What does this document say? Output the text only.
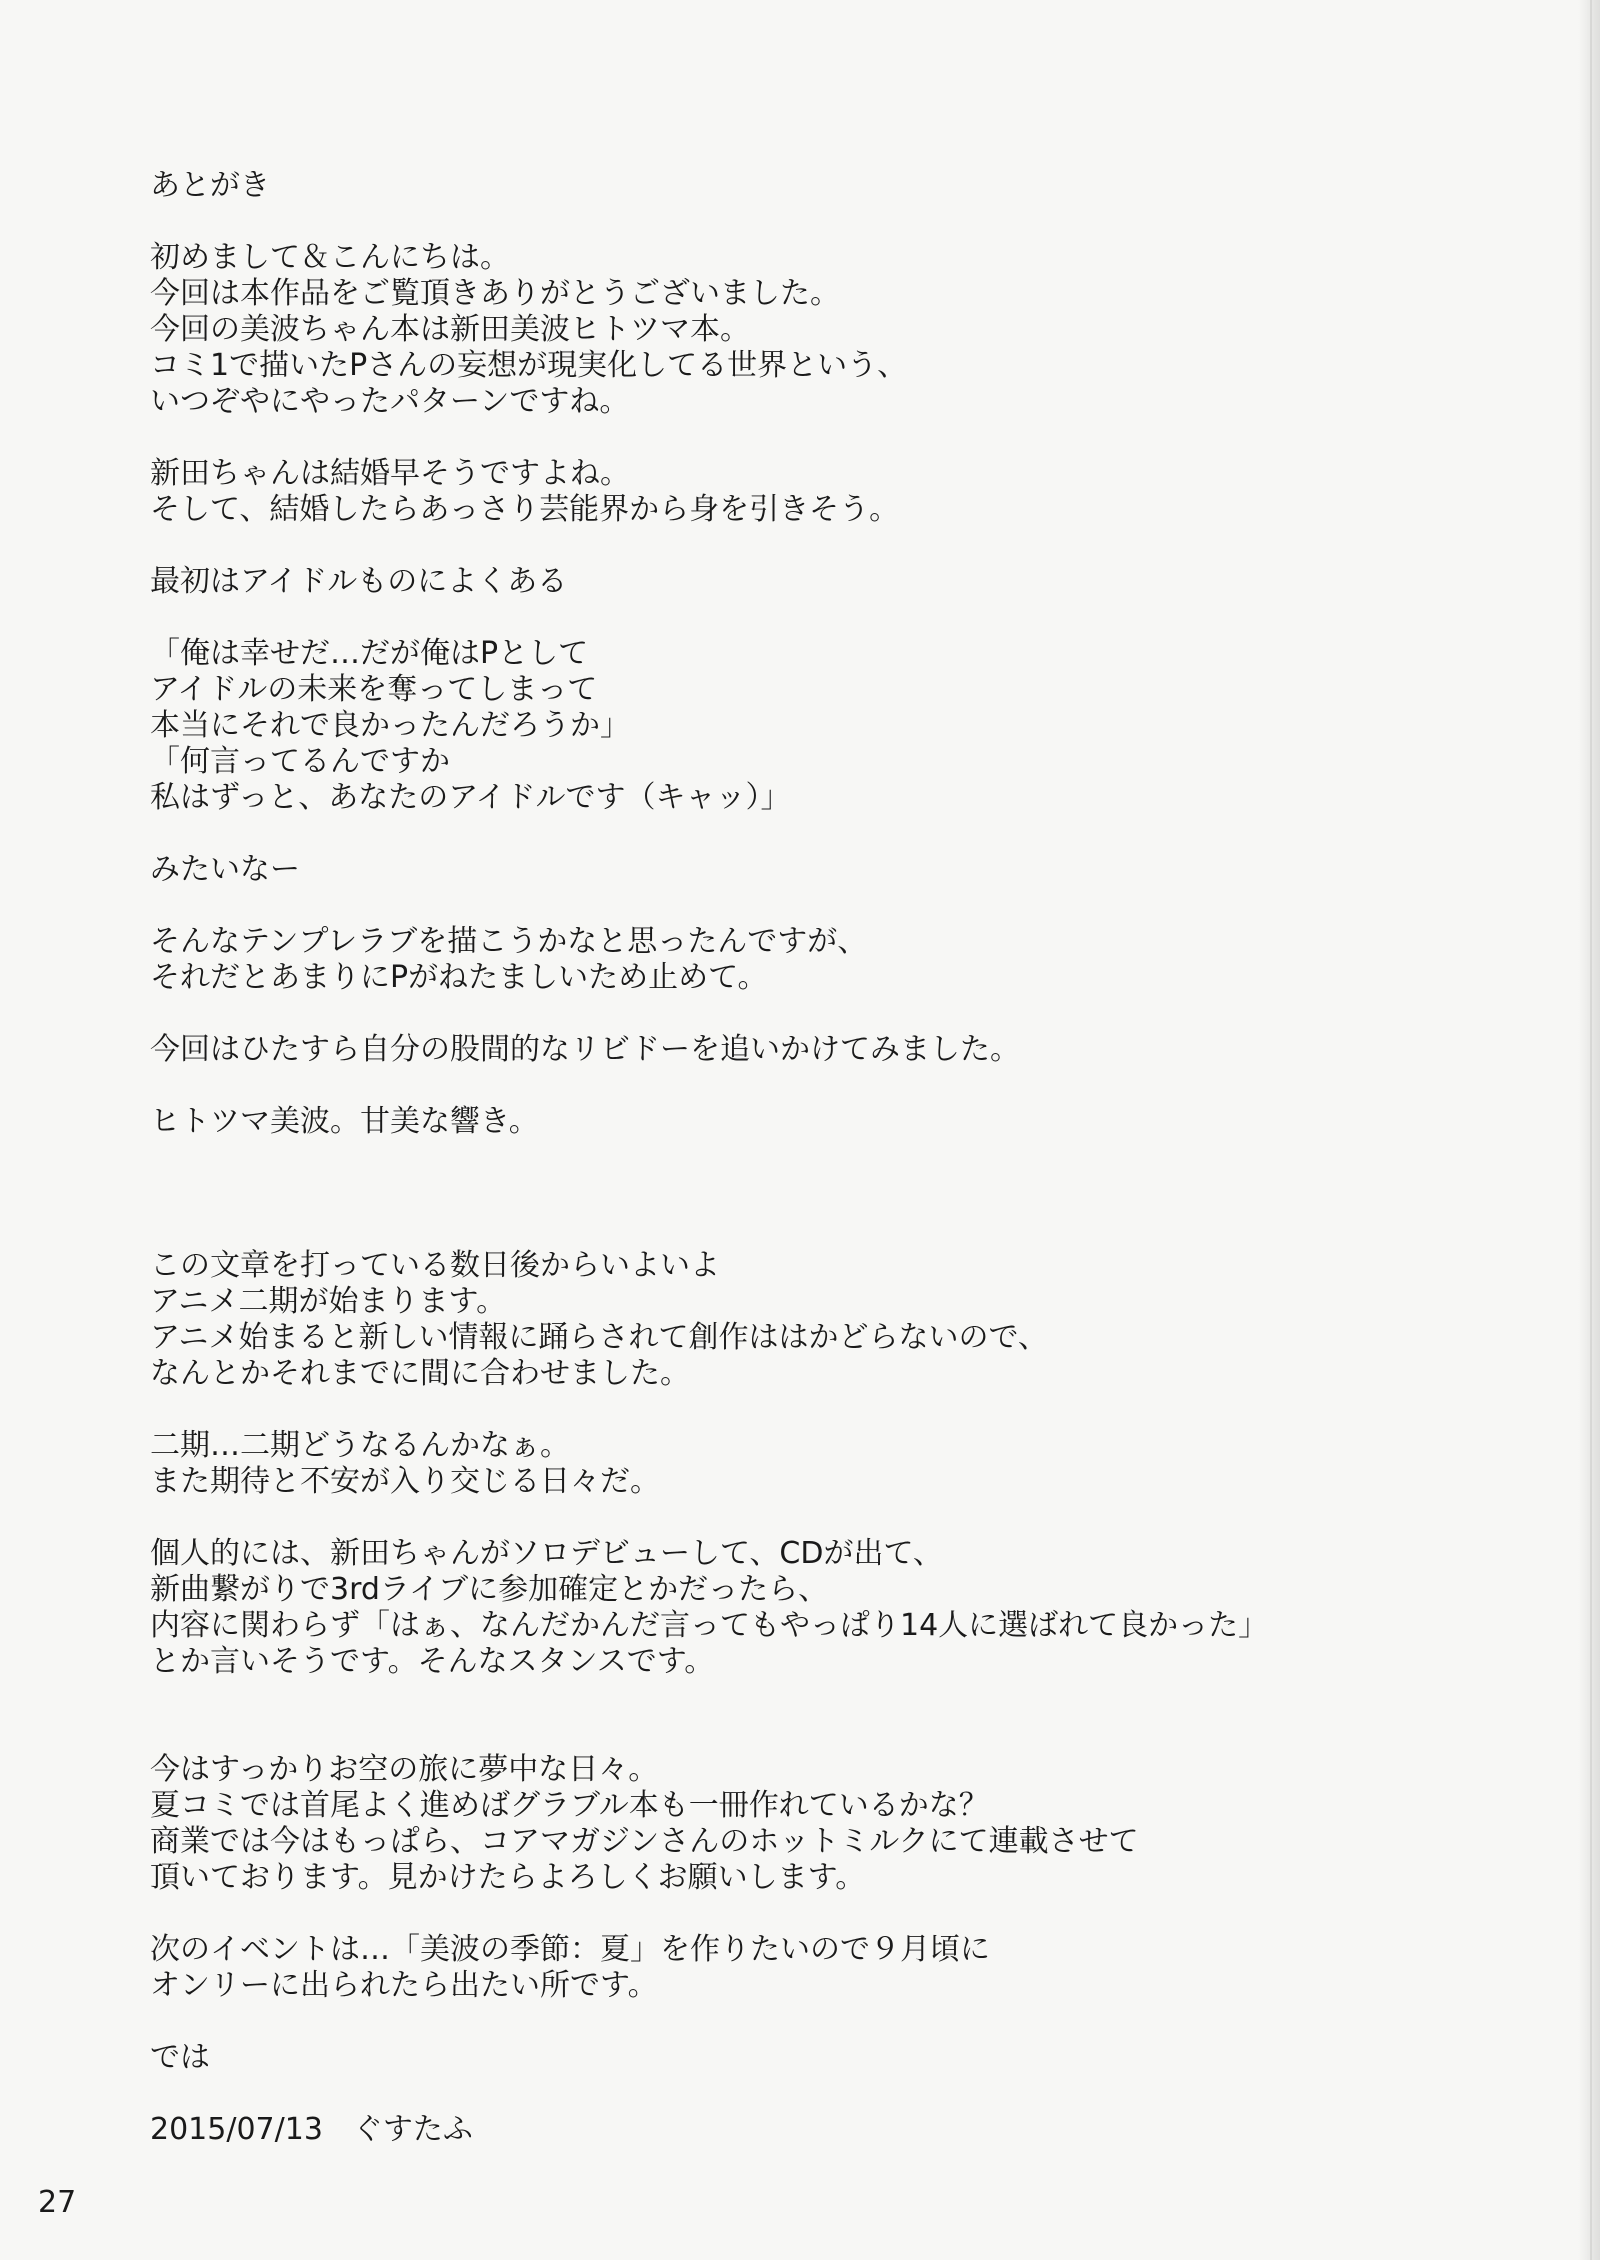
あとがき
初めまして＆こんにちは。
今回は本作品をご覧頂きありがとうございました。
今回の美波ちゃん本は新田美波ヒトツマ本。
コミ1で描いたPさんの妄想が現実化してる世界という、
いつぞやにやったパターンですね。
新田ちゃんは結婚早そうですよね。
そして、結婚したらあっさり芸能界から身を引きそう。
最初はアイドルものによくある
「俺は幸せだ…だが俺はPとして
アイドルの未来を奪ってしまって
本当にそれで良かったんだろうか」
「何言ってるんですか
私はずっと、あなたのアイドルです（キャッ）」
みたいなー
そんなテンプレラブを描こうかなと思ったんですが、
それだとあまりにPがねたましいため止めて。
今回はひたすら自分の股間的なリビドーを追いかけてみました。
ヒトツマ美波。甘美な響き。
この文章を打っている数日後からいよいよ
アニメ二期が始まります。
アニメ始まると新しい情報に踊らされて創作ははかどらないので、
なんとかそれまでに間に合わせました。
二期…二期どうなるんかなぁ。
また期待と不安が入り交じる日々だ。
個人的には、新田ちゃんがソロデビューして、CDが出て、
新曲繋がりで3rdライブに参加確定とかだったら、
内容に関わらず「はぁ、なんだかんだ言ってもやっぱり14人に選ばれて良かった」
とか言いそうです。そんなスタンスです。
今はすっかりお空の旅に夢中な日々。
夏コミでは首尾よく進めばグラブル本も一冊作れているかな？
商業では今はもっぱら、コアマガジンさんのホットミルクにて連載させて
頂いております。見かけたらよろしくお願いします。
次のイベントは…「美波の季節：夏」を作りたいので９月頃に
オンリーに出られたら出たい所です。
では
2015/07/13　ぐすたふ
27
